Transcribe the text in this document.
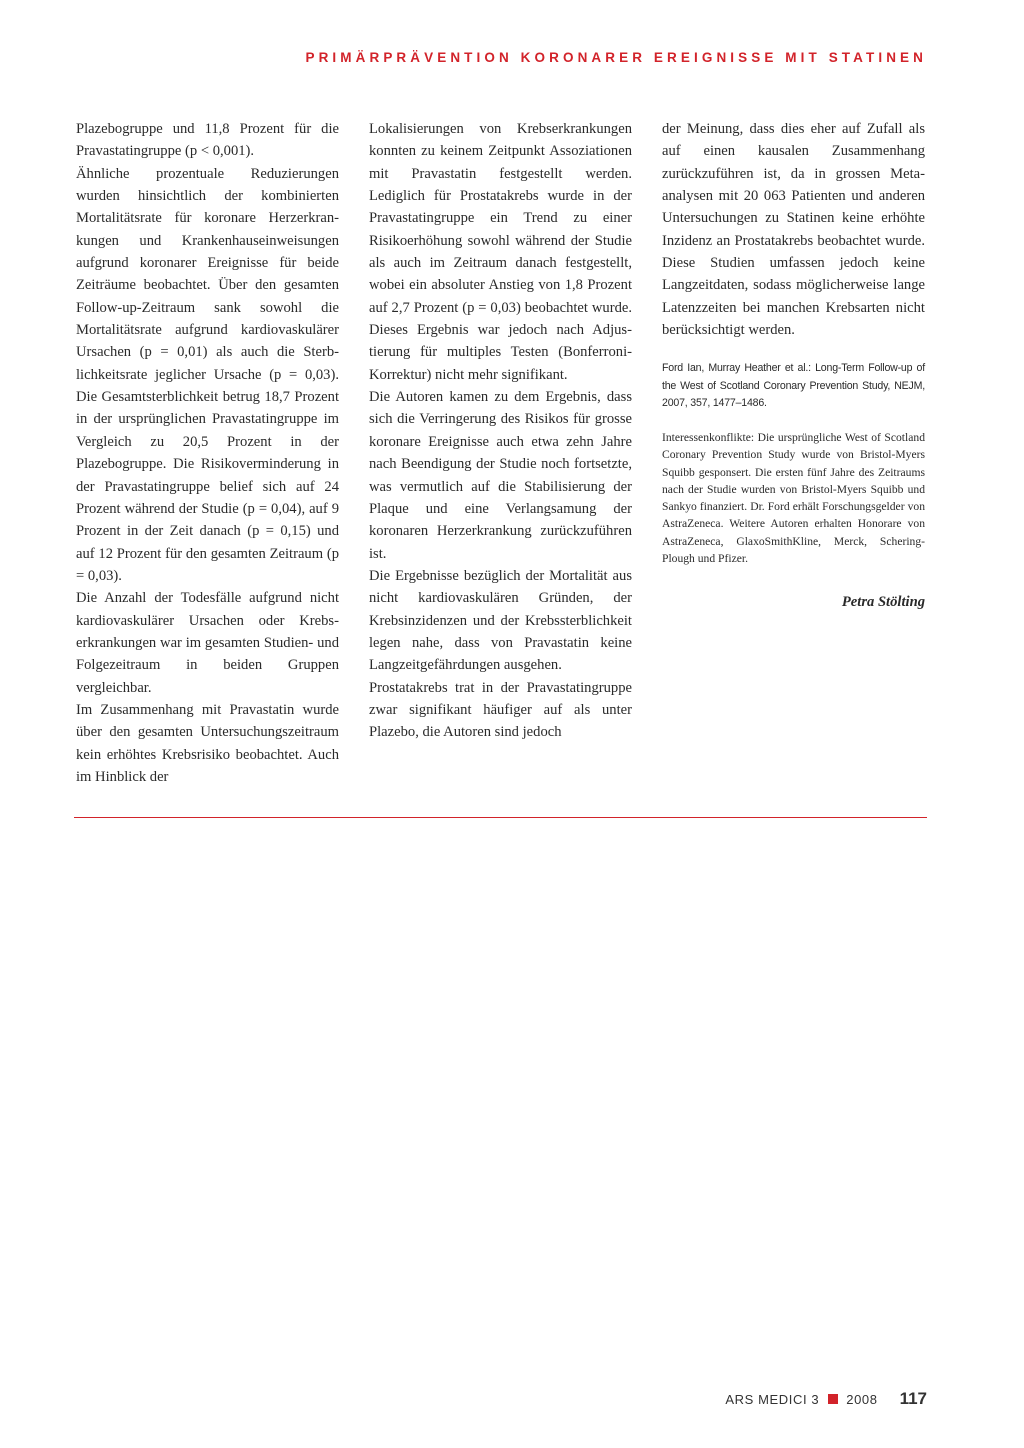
PRIMÄRPRÄVENTION KORONARER EREIGNISSE MIT STATINEN

Plazebogruppe und 11,8 Prozent für die Pravastatingruppe (p < 0,001).

Ähnliche prozentuale Reduzierungen wurden hinsichtlich der kombinierten Mortalitätsrate für koronare Herzerkrankungen und Krankenhauseinweisungen aufgrund koronarer Ereignisse für beide Zeiträume beobachtet. Über den gesamten Follow-up-Zeitraum sank sowohl die Mortalitätsrate aufgrund kardiovaskulärer Ursachen (p = 0,01) als auch die Sterblichkeitsrate jeglicher Ursache (p = 0,03). Die Gesamtsterblichkeit betrug 18,7 Prozent in der ursprünglichen Pravastatingruppe im Vergleich zu 20,5 Prozent in der Plazebogruppe. Die Risikoverminderung in der Pravastatingruppe belief sich auf 24 Prozent während der Studie (p = 0,04), auf 9 Prozent in der Zeit danach (p = 0,15) und auf 12 Prozent für den gesamten Zeitraum (p = 0,03).

Die Anzahl der Todesfälle aufgrund nicht kardiovaskulärer Ursachen oder Krebserkrankungen war im gesamten Studien- und Folgezeitraum in beiden Gruppen vergleichbar.

Im Zusammenhang mit Pravastatin wurde über den gesamten Untersuchungszeitraum kein erhöhtes Krebsrisiko beobachtet. Auch im Hinblick der

Lokalisierungen von Krebserkrankungen konnten zu keinem Zeitpunkt Assoziationen mit Pravastatin festgestellt werden. Lediglich für Prostatakrebs wurde in der Pravastatingruppe ein Trend zu einer Risikoerhöhung sowohl während der Studie als auch im Zeitraum danach festgestellt, wobei ein absoluter Anstieg von 1,8 Prozent auf 2,7 Prozent (p = 0,03) beobachtet wurde. Dieses Ergebnis war jedoch nach Adjustierung für multiples Testen (Bonferroni-Korrektur) nicht mehr signifikant.

Die Autoren kamen zu dem Ergebnis, dass sich die Verringerung des Risikos für grosse koronare Ereignisse auch etwa zehn Jahre nach Beendigung der Studie noch fortsetzte, was vermutlich auf die Stabilisierung der Plaque und eine Verlangsamung der koronaren Herzerkrankung zurückzuführen ist.

Die Ergebnisse bezüglich der Mortalität aus nicht kardiovaskulären Gründen, der Krebsinzidenzen und der Krebssterblichkeit legen nahe, dass von Pravastatin keine Langzeitgefährdungen ausgehen.

Prostatakrebs trat in der Pravastatingruppe zwar signifikant häufiger auf als unter Plazebo, die Autoren sind jedoch

der Meinung, dass dies eher auf Zufall als auf einen kausalen Zusammenhang zurückzuführen ist, da in grossen Metaanalysen mit 20 063 Patienten und anderen Untersuchungen zu Statinen keine erhöhte Inzidenz an Prostatakrebs beobachtet wurde. Diese Studien umfassen jedoch keine Langzeitdaten, sodass möglicherweise lange Latenzzeiten bei manchen Krebsarten nicht berücksichtigt werden.

Ford Ian, Murray Heather et al.: Long-Term Follow-up of the West of Scotland Coronary Prevention Study, NEJM, 2007, 357, 1477–1486.

Interessenkonflikte: Die ursprüngliche West of Scotland Coronary Prevention Study wurde von Bristol-Myers Squibb gesponsert. Die ersten fünf Jahre des Zeitraums nach der Studie wurden von Bristol-Myers Squibb und Sankyo finanziert. Dr. Ford erhält Forschungsgelder von AstraZeneca. Weitere Autoren erhalten Honorare von AstraZeneca, GlaxoSmithKline, Merck, Schering-Plough und Pfizer.

Petra Stölting

ARS MEDICI 3 2008 117
